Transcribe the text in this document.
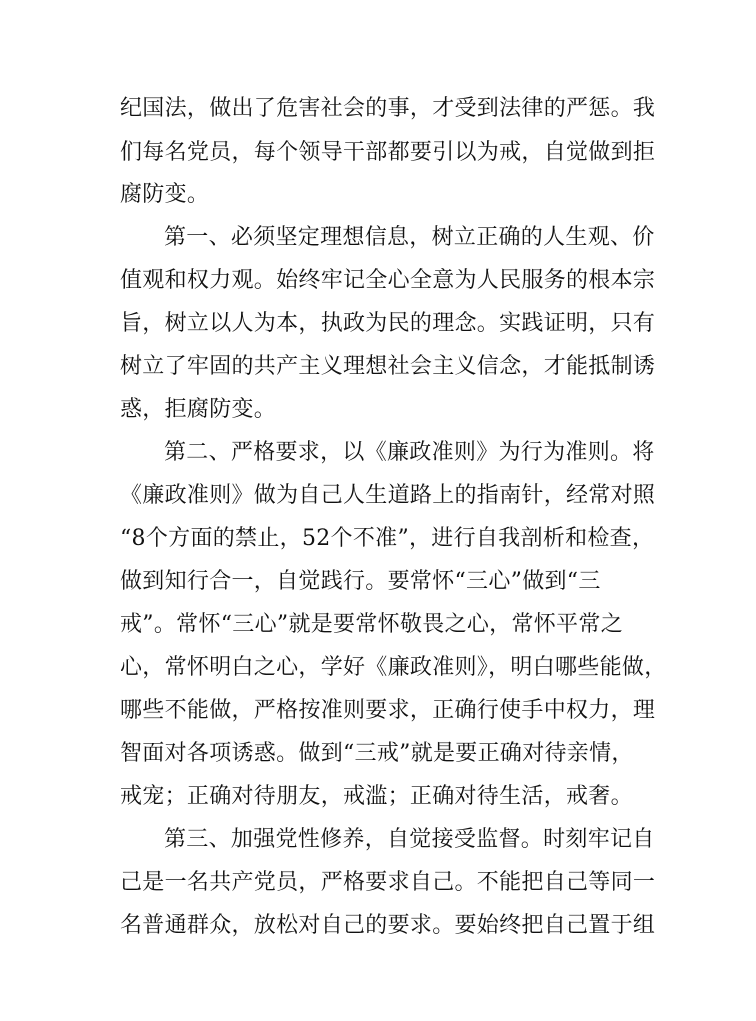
纪国法，做出了危害社会的事，才受到法律的严惩。我
们每名党员，每个领导干部都要引以为戒，自觉做到拒
腐防变。
第一、必须坚定理想信息，树立正确的人生观、价
值观和权力观。始终牢记全心全意为人民服务的根本宗
旨，树立以人为本，执政为民的理念。实践证明，只有
树立了牢固的共产主义理想社会主义信念，才能抵制诱
惑，拒腐防变。
第二、严格要求，以《廉政准则》为行为准则。将
《廉政准则》做为自己人生道路上的指南针，经常对照
“8个方面的禁止，52个不准”，进行自我剖析和检查，
做到知行合一，自觉践行。要常怀“三心”做到“三
戒”。常怀“三心”就是要常怀敬畏之心，常怀平常之
心，常怀明白之心，学好《廉政准则》，明白哪些能做，
哪些不能做，严格按准则要求，正确行使手中权力，理
智面对各项诱惑。做到“三戒”就是要正确对待亲情，
戒宠；正确对待朋友，戒滥；正确对待生活，戒奢。
第三、加强党性修养，自觉接受监督。时刻牢记自
己是一名共产党员，严格要求自己。不能把自己等同一
名普通群众，放松对自己的要求。要始终把自己置于组
